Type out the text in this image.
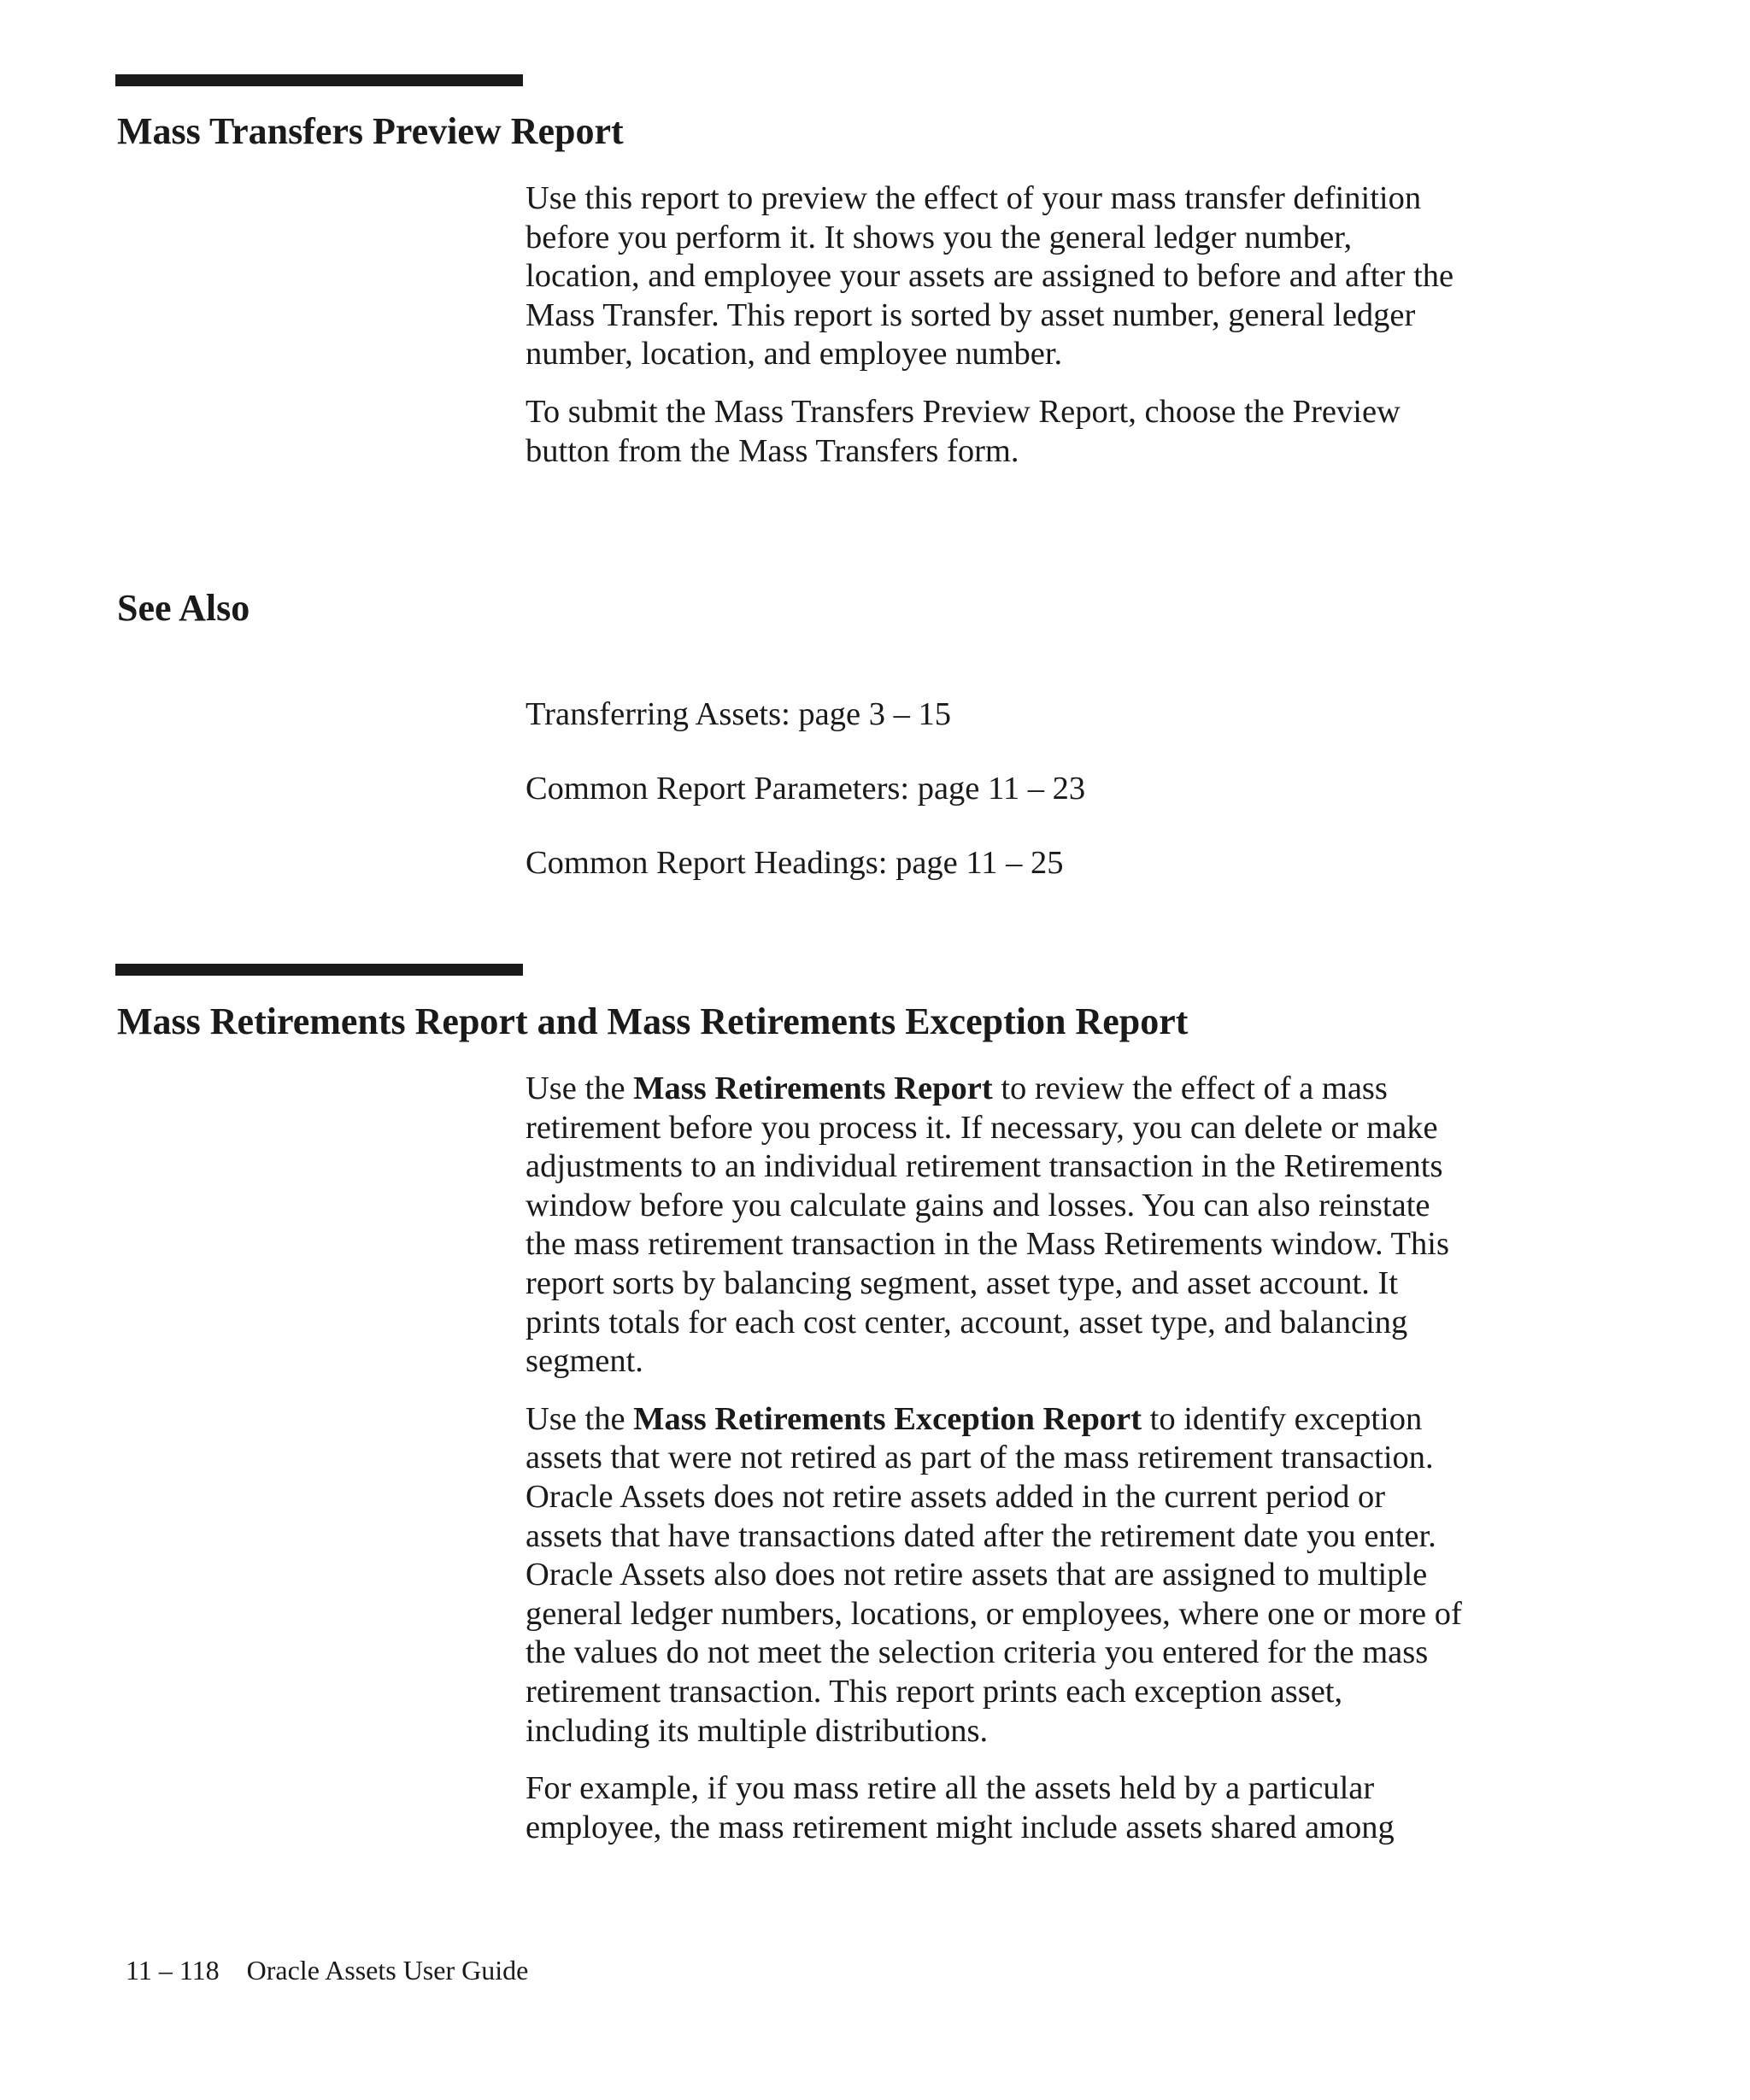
Mass Transfers Preview Report

Use this report to preview the effect of your mass transfer definition
before you perform it. It shows you the general ledger number,
location, and employee your assets are assigned to before and after the
Mass Transfer. This report is sorted by asset number, general ledger
number, location, and employee number.

To submit the Mass Transfers Preview Report, choose the Preview
button from the Mass Transfers form.

See Also
Transferring Assets: page 3 – 15
Common Report Parameters: page 11 – 23
Common Report Headings: page 11 – 25
Mass Retirements Report and Mass Retirements Exception Report

Use the Mass Retirements Report to review the effect of a mass
retirement before you process it. If necessary, you can delete or make
adjustments to an individual retirement transaction in the Retirements
window before you calculate gains and losses. You can also reinstate
the mass retirement transaction in the Mass Retirements window. This
report sorts by balancing segment, asset type, and asset account. It
prints totals for each cost center, account, asset type, and balancing
segment.

Use the Mass Retirements Exception Report to identify exception
assets that were not retired as part of the mass retirement transaction.
Oracle Assets does not retire assets added in the current period or
assets that have transactions dated after the retirement date you enter.
Oracle Assets also does not retire assets that are assigned to multiple
general ledger numbers, locations, or employees, where one or more of
the values do not meet the selection criteria you entered for the mass
retirement transaction. This report prints each exception asset,
including its multiple distributions.

For example, if you mass retire all the assets held by a particular
employee, the mass retirement might include assets shared among

11 – 118 Oracle Assets User Guide
